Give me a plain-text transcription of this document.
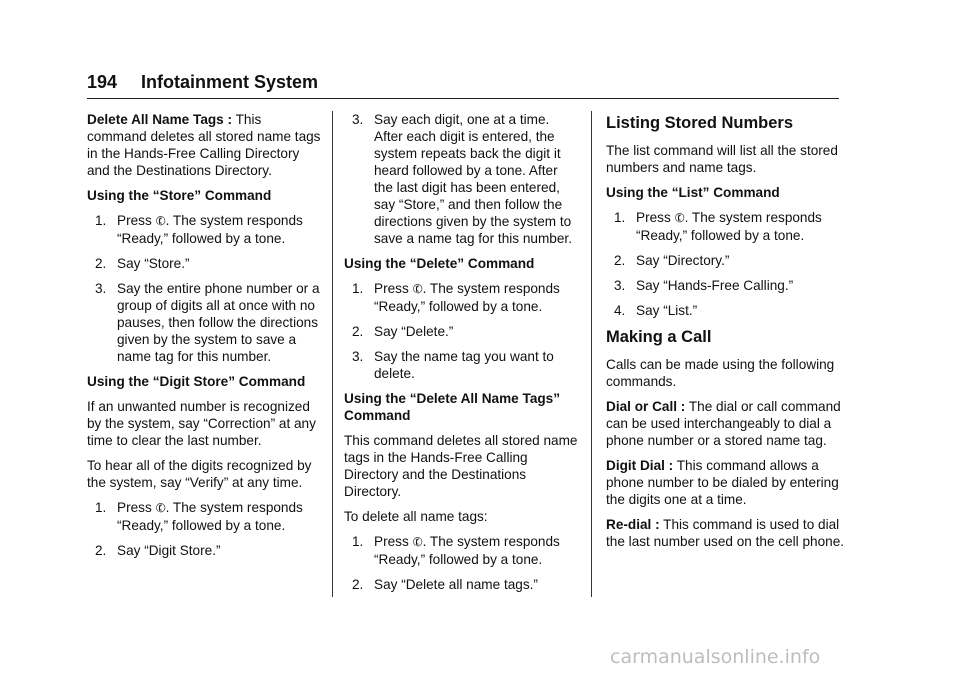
194 Infotainment System

Delete All Name Tags : This command deletes all stored name tags in the Hands-Free Calling Directory and the Destinations Directory.

Using the “Store” Command

1. Press ✆. The system responds “Ready,” followed by a tone.
2. Say “Store.”
3. Say the entire phone number or a group of digits all at once with no pauses, then follow the directions given by the system to save a name tag for this number.

Using the “Digit Store” Command

If an unwanted number is recognized by the system, say “Correction” at any time to clear the last number.

To hear all of the digits recognized by the system, say “Verify” at any time.

1. Press ✆. The system responds “Ready,” followed by a tone.
2. Say “Digit Store.”
3. Say each digit, one at a time. After each digit is entered, the system repeats back the digit it heard followed by a tone. After the last digit has been entered, say “Store,” and then follow the directions given by the system to save a name tag for this number.

Using the “Delete” Command

1. Press ✆. The system responds “Ready,” followed by a tone.
2. Say “Delete.”
3. Say the name tag you want to delete.

Using the “Delete All Name Tags” Command

This command deletes all stored name tags in the Hands-Free Calling Directory and the Destinations Directory.

To delete all name tags:

1. Press ✆. The system responds “Ready,” followed by a tone.
2. Say “Delete all name tags.”
Listing Stored Numbers

The list command will list all the stored numbers and name tags.

Using the “List” Command

1. Press ✆. The system responds “Ready,” followed by a tone.
2. Say “Directory.”
3. Say “Hands-Free Calling.”
4. Say “List.”
Making a Call

Calls can be made using the following commands.

Dial or Call : The dial or call command can be used interchangeably to dial a phone number or a stored name tag.

Digit Dial : This command allows a phone number to be dialed by entering the digits one at a time.

Re-dial : This command is used to dial the last number used on the cell phone.

carmanualsonline.info
